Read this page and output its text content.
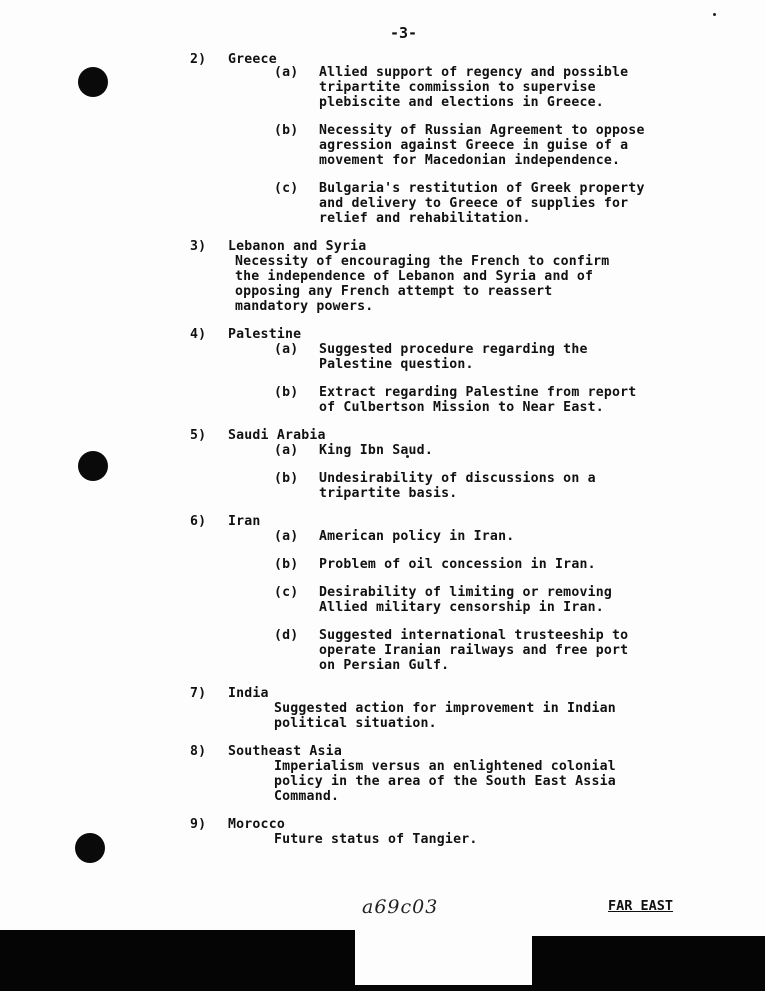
-3-
2)	Greece
(a)	Allied support of regency and possible
tripartite commission to supervise
plebiscite and elections in Greece.
(b)	Necessity of Russian Agreement to oppose
agression against Greece in guise of a
movement for Macedonian independence.
(c)	Bulgaria's restitution of Greek property
and delivery to Greece of supplies for
relief and rehabilitation.
3)	Lebanon and Syria
Necessity of encouraging the French to confirm
the independence of Lebanon and Syria and of
opposing any French attempt to reassert
mandatory powers.
4)	Palestine
(a)	Suggested procedure regarding the
Palestine question.
(b)	Extract regarding Palestine from report
of Culbertson Mission to Near East.
5)	Saudi Arabia
(a)	King Ibn Saud.
(b)	Undesirability of discussions on a
tripartite basis.
6)	Iran
(a)	American policy in Iran.
(b)	Problem of oil concession in Iran.
(c)	Desirability of limiting or removing
Allied military censorship in Iran.
(d)	Suggested international trusteeship to
operate Iranian railways and free port
on Persian Gulf.
7)	India
Suggested action for improvement in Indian
political situation.
8)	Southeast Asia
Imperialism versus an enlightened colonial
policy in the area of the South East Assia
Command.
9)	Morocco
Future status of Tangier.
a69c03	FAR EAST
